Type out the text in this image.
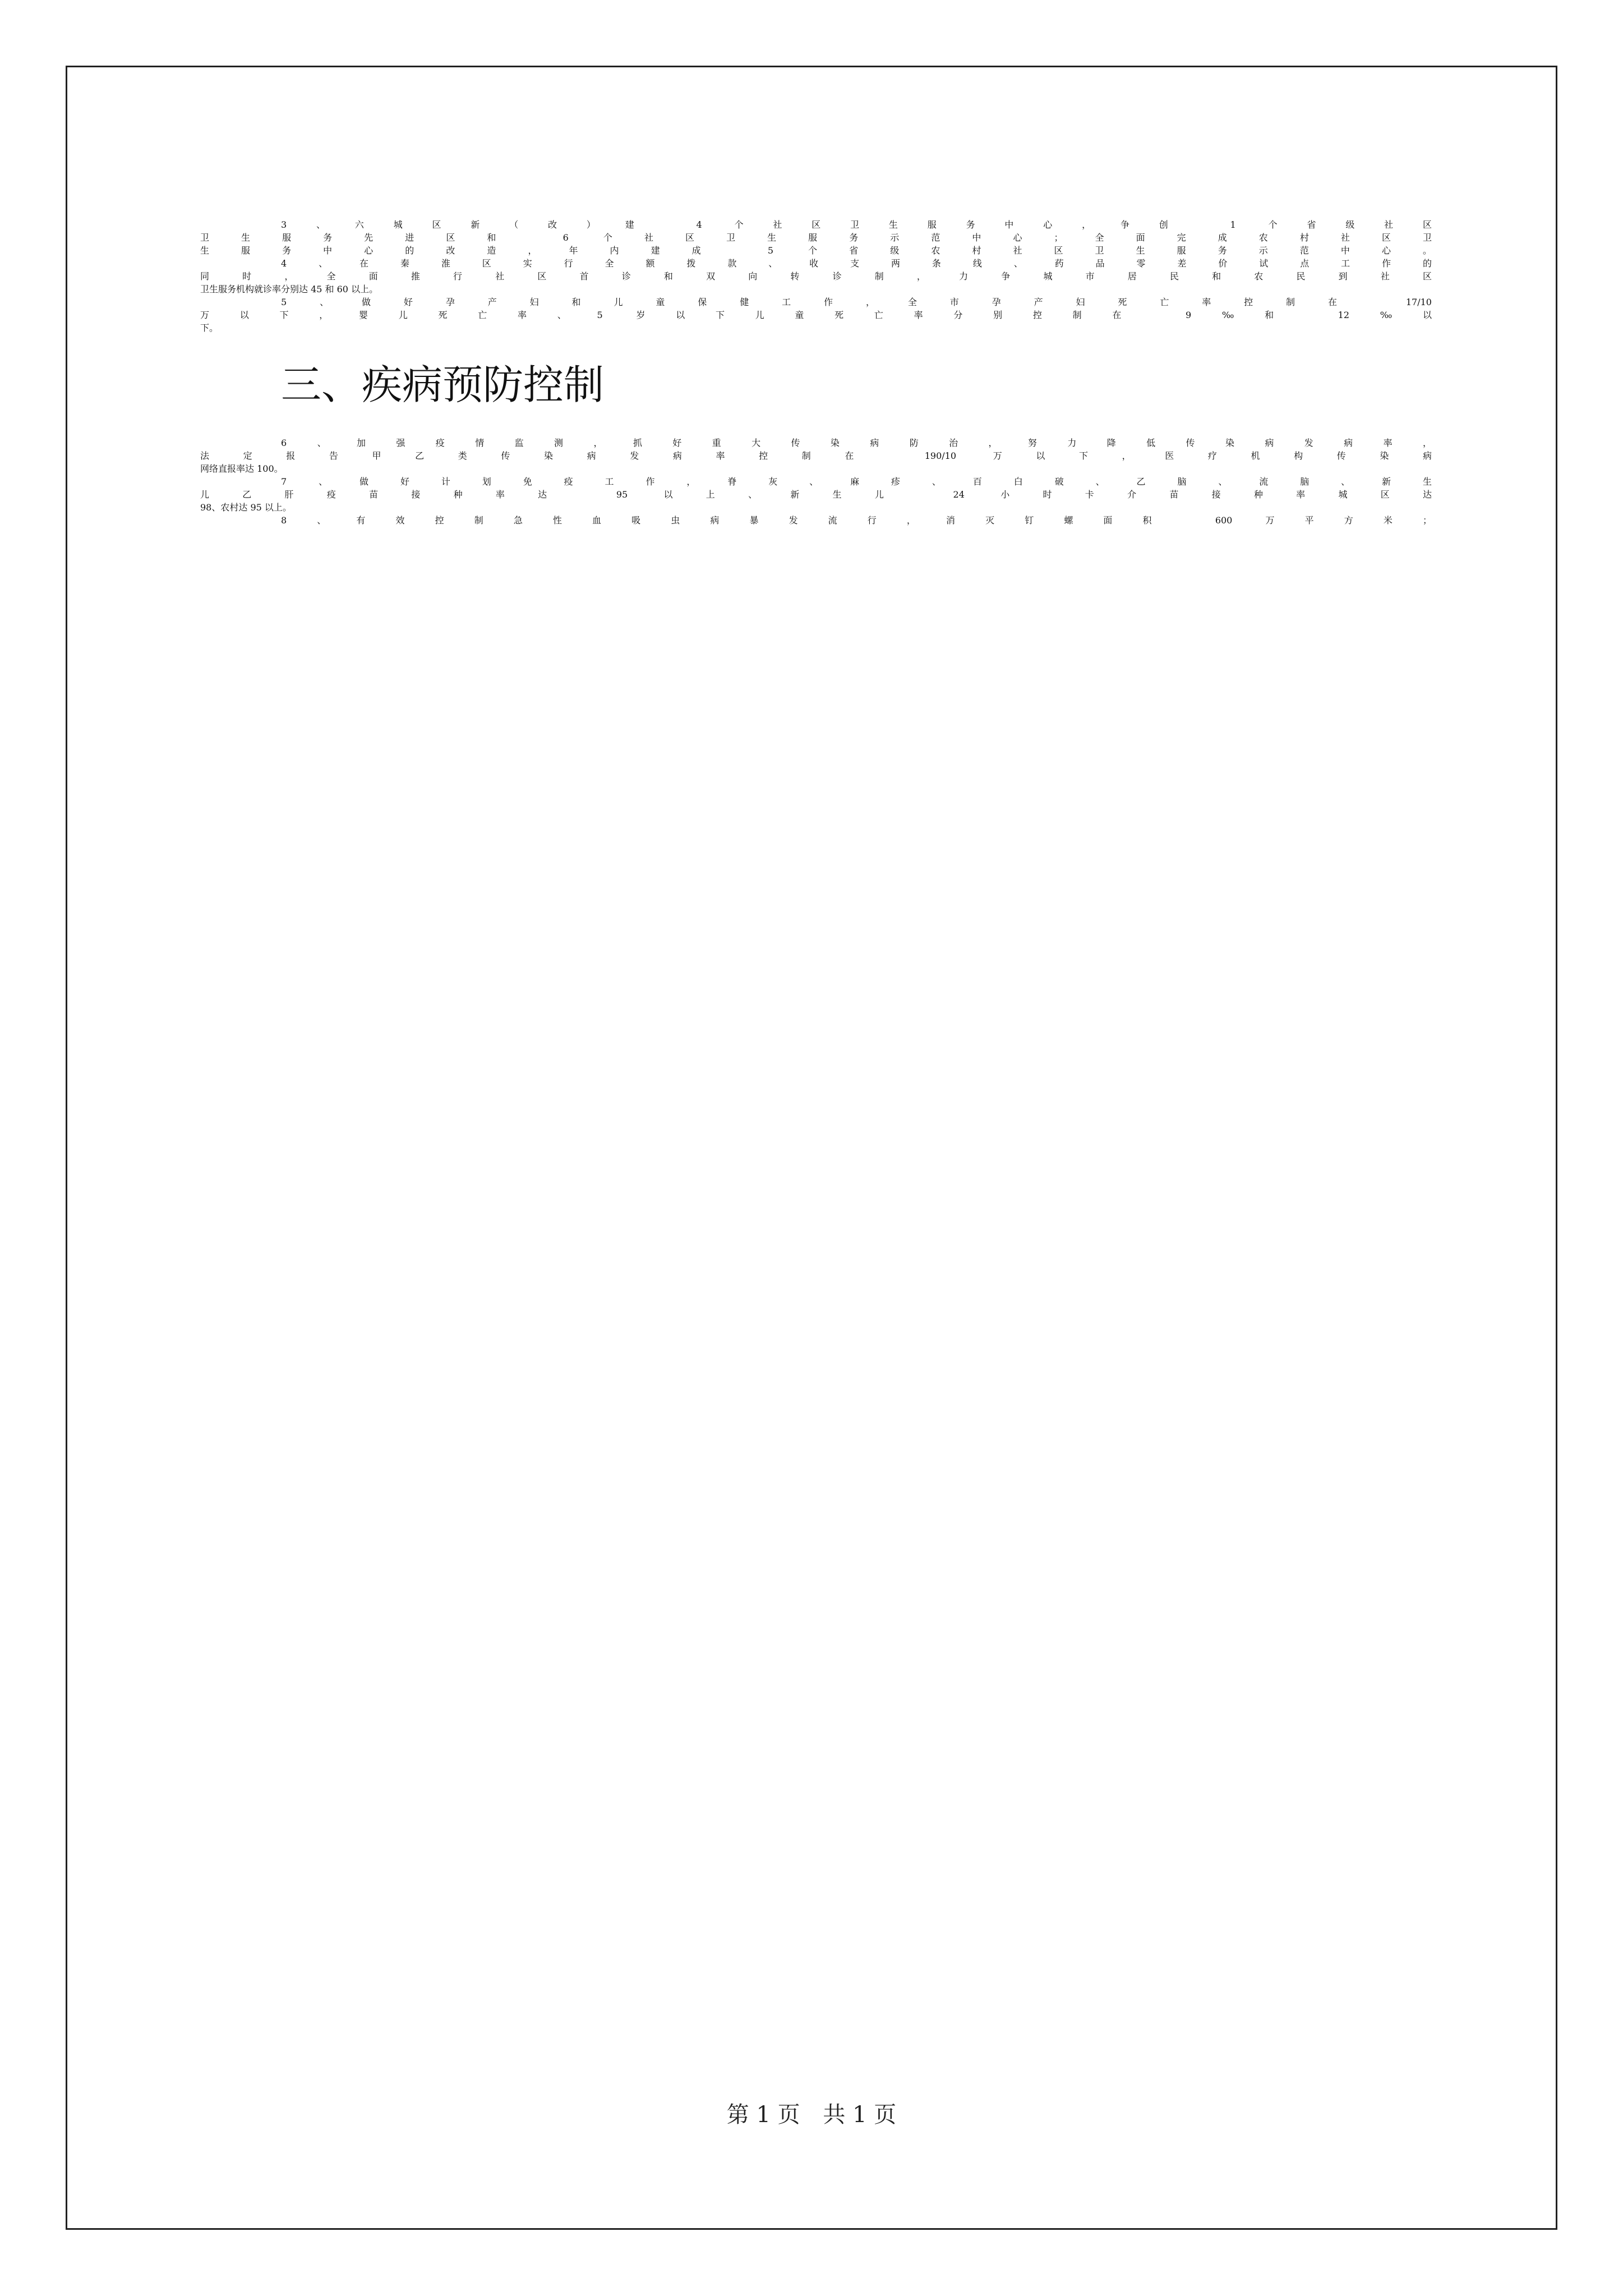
3、六城区新（改）建 4 个社区卫生服务中心，争创 1 个省级社区
卫生服务先进区和 6 个社区卫生服务示范中心；全面完成农村社区卫
生服务中心的改造，年内建成 5 个省级农村社区卫生服务示范中心。
4、在秦淮区实行全额拨款、收支两条线、药品零差价试点工作的
同时，全面推行社区首诊和双向转诊制，力争城市居民和农民到社区
卫生服务机构就诊率分别达 45 和 60 以上。
5、做好孕产妇和儿童保健工作，全市孕产妇死亡率控制在 17/10
万以下，婴儿死亡率、5 岁以下儿童死亡率分别控制在 9‰和 12‰以
下。

三、疾病预防控制

6、加强疫情监测，抓好重大传染病防治，努力降低传染病发病率，
法定报告甲乙类传染病发病率控制在 190/10 万以下，医疗机构传染病
网络直报率达 100。
7、做好计划免疫工作，脊灰、麻疹、百白破、乙脑、流脑、新生
儿乙肝疫苗接种率达 95 以上、新生儿 24 小时卡介苗接种率城区达
98、农村达 95 以上。
8、有效控制急性血吸虫病暴发流行，消灭钉螺面积 600 万平方米；
第 1 页 共 1 页
